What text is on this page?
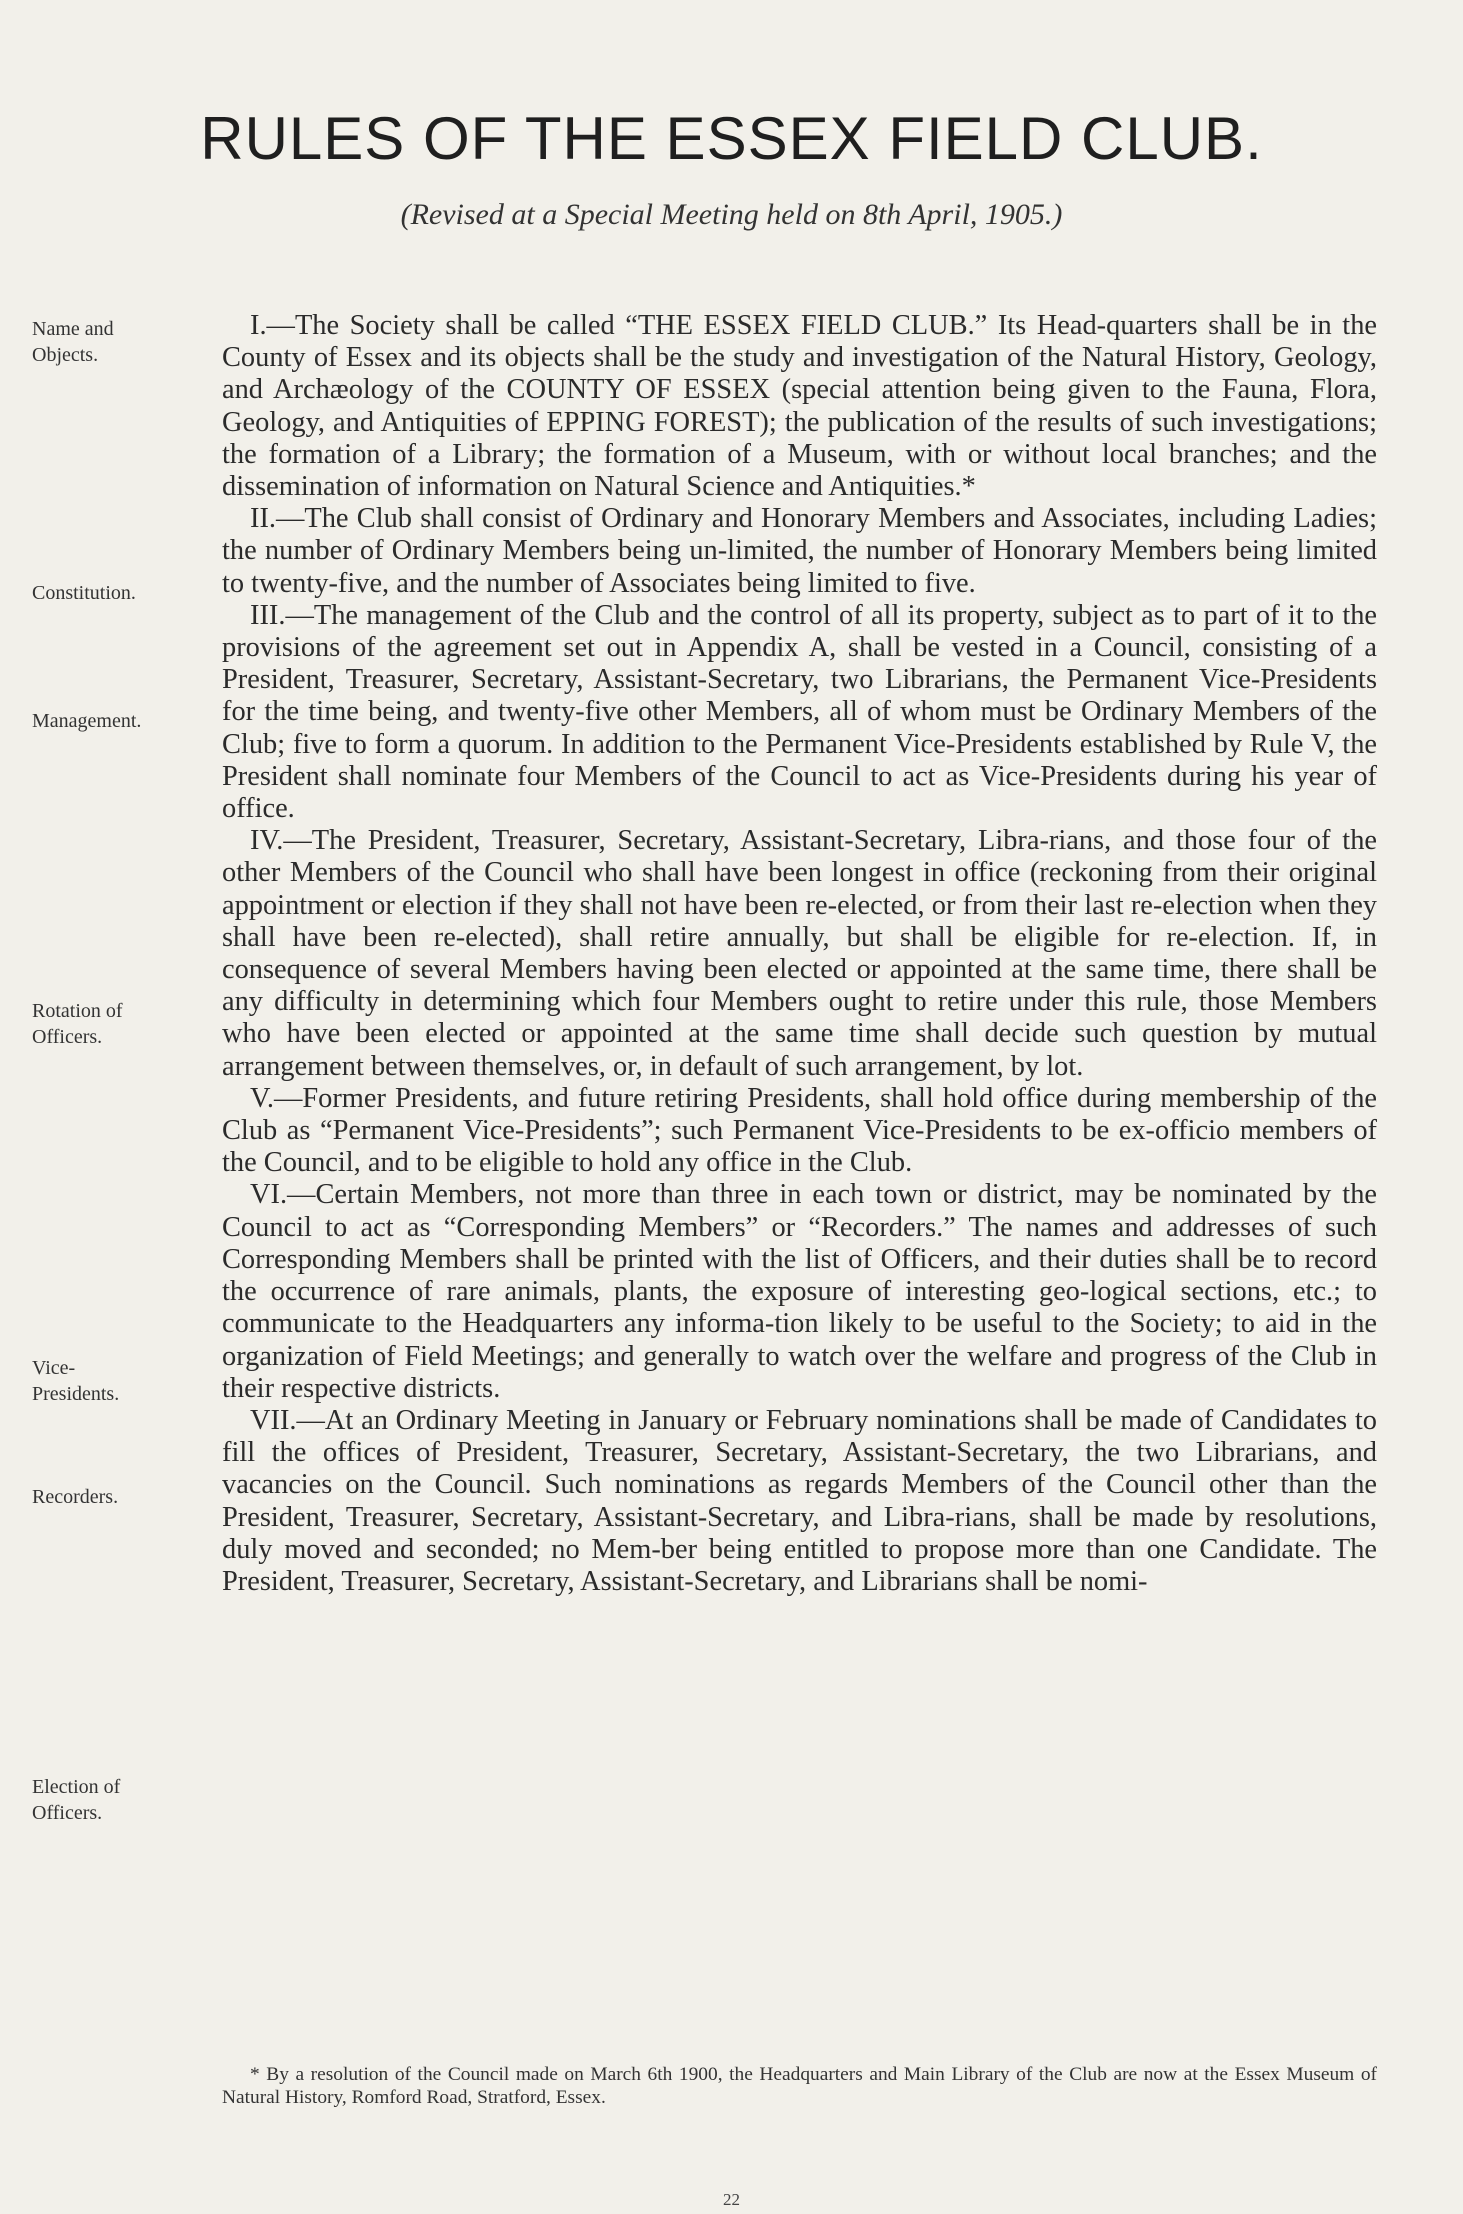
RULES OF THE ESSEX FIELD CLUB.
(Revised at a Special Meeting held on 8th April, 1905.)
Name and
Objects.
Constitution.
Management.
Rotation of
Officers.
Vice-
Presidents.
Recorders.
Election of
Officers.

I.—The Society shall be called “THE ESSEX FIELD CLUB.” Its Head-quarters shall be in the County of Essex and its objects shall be the study and investigation of the Natural History, Geology, and Archæology of the COUNTY OF ESSEX (special attention being given to the Fauna, Flora, Geology, and Antiquities of EPPING FOREST); the publication of the results of such investigations; the formation of a Library; the formation of a Museum, with or without local branches; and the dissemination of information on Natural Science and Antiquities.*

II.—The Club shall consist of Ordinary and Honorary Members and Associates, including Ladies; the number of Ordinary Members being un-limited, the number of Honorary Members being limited to twenty-five, and the number of Associates being limited to five.

III.—The management of the Club and the control of all its property, subject as to part of it to the provisions of the agreement set out in Appendix A, shall be vested in a Council, consisting of a President, Treasurer, Secretary, Assistant-Secretary, two Librarians, the Permanent Vice-Presidents for the time being, and twenty-five other Members, all of whom must be Ordinary Members of the Club; five to form a quorum. In addition to the Permanent Vice-Presidents established by Rule V, the President shall nominate four Members of the Council to act as Vice-Presidents during his year of office.

IV.—The President, Treasurer, Secretary, Assistant-Secretary, Libra-rians, and those four of the other Members of the Council who shall have been longest in office (reckoning from their original appointment or election if they shall not have been re-elected, or from their last re-election when they shall have been re-elected), shall retire annually, but shall be eligible for re-election. If, in consequence of several Members having been elected or appointed at the same time, there shall be any difficulty in determining which four Members ought to retire under this rule, those Members who have been elected or appointed at the same time shall decide such question by mutual arrangement between themselves, or, in default of such arrangement, by lot.

V.—Former Presidents, and future retiring Presidents, shall hold office during membership of the Club as “Permanent Vice-Presidents”; such Permanent Vice-Presidents to be ex-officio members of the Council, and to be eligible to hold any office in the Club.

VI.—Certain Members, not more than three in each town or district, may be nominated by the Council to act as “Corresponding Members” or “Recorders.” The names and addresses of such Corresponding Members shall be printed with the list of Officers, and their duties shall be to record the occurrence of rare animals, plants, the exposure of interesting geo-logical sections, etc.; to communicate to the Headquarters any informa-tion likely to be useful to the Society; to aid in the organization of Field Meetings; and generally to watch over the welfare and progress of the Club in their respective districts.

VII.—At an Ordinary Meeting in January or February nominations shall be made of Candidates to fill the offices of President, Treasurer, Secretary, Assistant-Secretary, the two Librarians, and vacancies on the Council. Such nominations as regards Members of the Council other than the President, Treasurer, Secretary, Assistant-Secretary, and Libra-rians, shall be made by resolutions, duly moved and seconded; no Mem-ber being entitled to propose more than one Candidate. The President, Treasurer, Secretary, Assistant-Secretary, and Librarians shall be nomi-

* By a resolution of the Council made on March 6th 1900, the Headquarters and Main Library of the Club are now at the Essex Museum of Natural History, Romford Road, Stratford, Essex.
22
